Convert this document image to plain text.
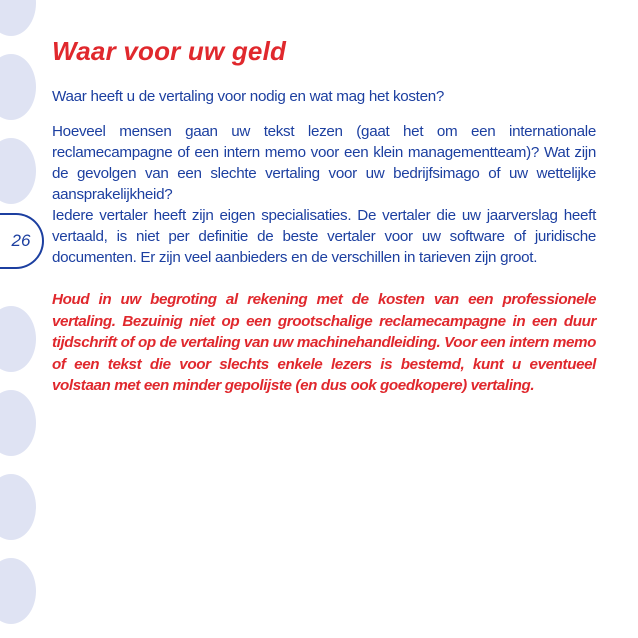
26
Waar voor uw geld

Waar heeft u de vertaling voor nodig en wat mag het kosten?

Hoeveel mensen gaan uw tekst lezen (gaat het om een internationale reclamecampagne of een intern memo voor een klein managementteam)? Wat zijn de gevolgen van een slechte vertaling voor uw bedrijfsimago of uw wettelijke aansprakelijkheid?
Iedere vertaler heeft zijn eigen specialisaties. De vertaler die uw jaarverslag heeft vertaald, is niet per definitie de beste vertaler voor uw software of juridische documenten. Er zijn veel aanbieders en de verschillen in tarieven zijn groot.

Houd in uw begroting al rekening met de kosten van een professionele vertaling. Bezuinig niet op een grootschalige reclamecampagne in een duur tijdschrift of op de vertaling van uw machinehandleiding. Voor een intern memo of een tekst die voor slechts enkele lezers is bestemd, kunt u eventueel volstaan met een minder gepolijste (en dus ook goedkopere) vertaling.
